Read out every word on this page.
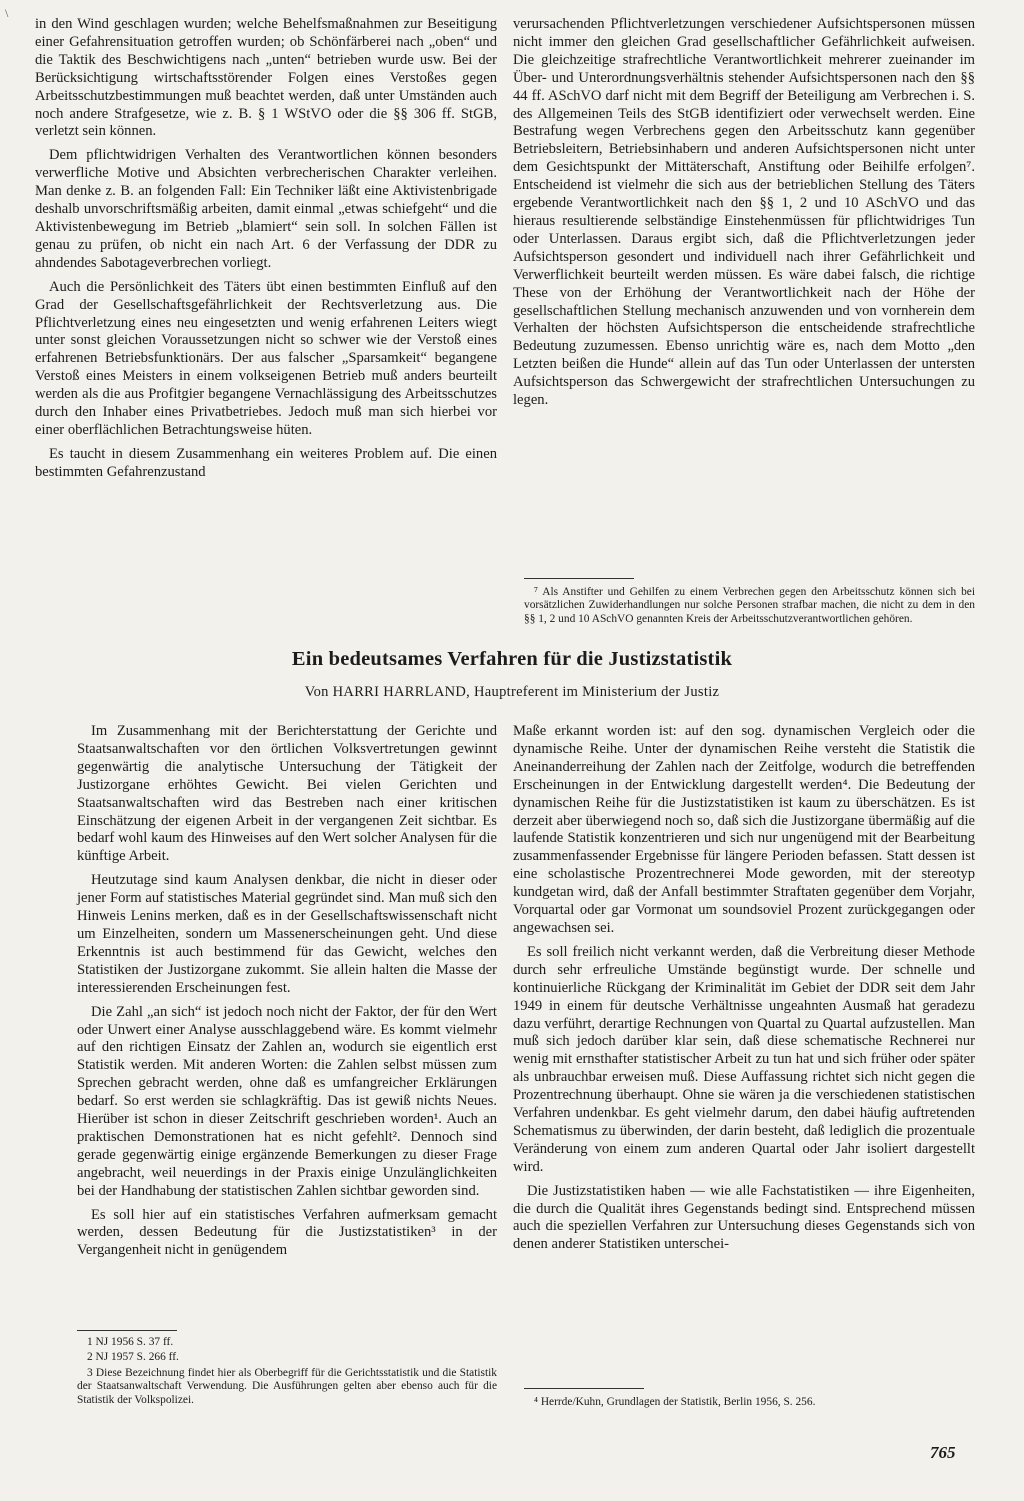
\

in den Wind geschlagen wurden; welche Behelfsmaßnahmen zur Beseitigung einer Gefahrensituation getroffen wurden; ob Schönfärberei nach „oben“ und die Taktik des Beschwichtigens nach „unten“ betrieben wurde usw. Bei der Berücksichtigung wirtschaftsstörender Folgen eines Verstoßes gegen Arbeitsschutzbestimmungen muß beachtet werden, daß unter Umständen auch noch andere Strafgesetze, wie z. B. § 1 WStVO oder die §§ 306 ff. StGB, verletzt sein können.

Dem pflichtwidrigen Verhalten des Verantwortlichen können besonders verwerfliche Motive und Absichten verbrecherischen Charakter verleihen. Man denke z. B. an folgenden Fall: Ein Techniker läßt eine Aktivistenbrigade deshalb unvorschriftsmäßig arbeiten, damit einmal „etwas schiefgeht“ und die Aktivistenbewegung im Betrieb „blamiert“ sein soll. In solchen Fällen ist genau zu prüfen, ob nicht ein nach Art. 6 der Verfassung der DDR zu ahndendes Sabotageverbrechen vorliegt.

Auch die Persönlichkeit des Täters übt einen bestimmten Einfluß auf den Grad der Gesellschaftsgefährlichkeit der Rechtsverletzung aus. Die Pflichtverletzung eines neu eingesetzten und wenig erfahrenen Leiters wiegt unter sonst gleichen Voraussetzungen nicht so schwer wie der Verstoß eines erfahrenen Betriebsfunktionärs. Der aus falscher „Sparsamkeit“ begangene Verstoß eines Meisters in einem volkseigenen Betrieb muß anders beurteilt werden als die aus Profitgier begangene Vernachlässigung des Arbeitsschutzes durch den Inhaber eines Privatbetriebes. Jedoch muß man sich hierbei vor einer oberflächlichen Betrachtungsweise hüten.

Es taucht in diesem Zusammenhang ein weiteres Problem auf. Die einen bestimmten Gefahrenzustand

verursachenden Pflichtverletzungen verschiedener Aufsichtspersonen müssen nicht immer den gleichen Grad gesellschaftlicher Gefährlichkeit aufweisen. Die gleichzeitige strafrechtliche Verantwortlichkeit mehrerer zueinander im Über- und Unterordnungsverhältnis stehender Aufsichtspersonen nach den §§ 44 ff. ASchVO darf nicht mit dem Begriff der Beteiligung am Verbrechen i. S. des Allgemeinen Teils des StGB identifiziert oder verwechselt werden. Eine Bestrafung wegen Verbrechens gegen den Arbeitsschutz kann gegenüber Betriebsleitern, Betriebsinhabern und anderen Aufsichtspersonen nicht unter dem Gesichtspunkt der Mittäterschaft, Anstiftung oder Beihilfe erfolgen⁷. Entscheidend ist vielmehr die sich aus der betrieblichen Stellung des Täters ergebende Verantwortlichkeit nach den §§ 1, 2 und 10 ASchVO und das hieraus resultierende selbständige Einstehenmüssen für pflichtwidriges Tun oder Unterlassen. Daraus ergibt sich, daß die Pflichtverletzungen jeder Aufsichtsperson gesondert und individuell nach ihrer Gefährlichkeit und Verwerflichkeit beurteilt werden müssen. Es wäre dabei falsch, die richtige These von der Erhöhung der Verantwortlichkeit nach der Höhe der gesellschaftlichen Stellung mechanisch anzuwenden und von vornherein dem Verhalten der höchsten Aufsichtsperson die entscheidende strafrechtliche Bedeutung zuzumessen. Ebenso unrichtig wäre es, nach dem Motto „den Letzten beißen die Hunde“ allein auf das Tun oder Unterlassen der untersten Aufsichtsperson das Schwergewicht der strafrechtlichen Untersuchungen zu legen.

⁷ Als Anstifter und Gehilfen zu einem Verbrechen gegen den Arbeitsschutz können sich bei vorsätzlichen Zuwiderhandlungen nur solche Personen strafbar machen, die nicht zu dem in den §§ 1, 2 und 10 ASchVO genannten Kreis der Arbeitsschutzverantwortlichen gehören.

Ein bedeutsames Verfahren für die Justizstatistik
Von HARRI HARRLAND, Hauptreferent im Ministerium der Justiz

Im Zusammenhang mit der Berichterstattung der Gerichte und Staatsanwaltschaften vor den örtlichen Volksvertretungen gewinnt gegenwärtig die analytische Untersuchung der Tätigkeit der Justizorgane erhöhtes Gewicht. Bei vielen Gerichten und Staatsanwaltschaften wird das Bestreben nach einer kritischen Einschätzung der eigenen Arbeit in der vergangenen Zeit sichtbar. Es bedarf wohl kaum des Hinweises auf den Wert solcher Analysen für die künftige Arbeit.

Heutzutage sind kaum Analysen denkbar, die nicht in dieser oder jener Form auf statistisches Material gegründet sind. Man muß sich den Hinweis Lenins merken, daß es in der Gesellschaftswissenschaft nicht um Einzelheiten, sondern um Massenerscheinungen geht. Und diese Erkenntnis ist auch bestimmend für das Gewicht, welches den Statistiken der Justizorgane zukommt. Sie allein halten die Masse der interessierenden Erscheinungen fest.

Die Zahl „an sich“ ist jedoch noch nicht der Faktor, der für den Wert oder Unwert einer Analyse ausschlaggebend wäre. Es kommt vielmehr auf den richtigen Einsatz der Zahlen an, wodurch sie eigentlich erst Statistik werden. Mit anderen Worten: die Zahlen selbst müssen zum Sprechen gebracht werden, ohne daß es umfangreicher Erklärungen bedarf. So erst werden sie schlagkräftig. Das ist gewiß nichts Neues. Hierüber ist schon in dieser Zeitschrift geschrieben worden¹. Auch an praktischen Demonstrationen hat es nicht gefehlt². Dennoch sind gerade gegenwärtig einige ergänzende Bemerkungen zu dieser Frage angebracht, weil neuerdings in der Praxis einige Unzulänglichkeiten bei der Handhabung der statistischen Zahlen sichtbar geworden sind.

Es soll hier auf ein statistisches Verfahren aufmerksam gemacht werden, dessen Bedeutung für die Justizstatistiken³ in der Vergangenheit nicht in genügendem

1 NJ 1956 S. 37 ff.

2 NJ 1957 S. 266 ff.

3 Diese Bezeichnung findet hier als Oberbegriff für die Gerichtsstatistik und die Statistik der Staatsanwaltschaft Verwendung. Die Ausführungen gelten aber ebenso auch für die Statistik der Volkspolizei.

Maße erkannt worden ist: auf den sog. dynamischen Vergleich oder die dynamische Reihe. Unter der dynamischen Reihe versteht die Statistik die Aneinanderreihung der Zahlen nach der Zeitfolge, wodurch die betreffenden Erscheinungen in der Entwicklung dargestellt werden⁴. Die Bedeutung der dynamischen Reihe für die Justizstatistiken ist kaum zu überschätzen. Es ist derzeit aber überwiegend noch so, daß sich die Justizorgane übermäßig auf die laufende Statistik konzentrieren und sich nur ungenügend mit der Bearbeitung zusammenfassender Ergebnisse für längere Perioden befassen. Statt dessen ist eine scholastische Prozentrechnerei Mode geworden, mit der stereotyp kundgetan wird, daß der Anfall bestimmter Straftaten gegenüber dem Vorjahr, Vorquartal oder gar Vormonat um soundsoviel Prozent zurückgegangen oder angewachsen sei.

Es soll freilich nicht verkannt werden, daß die Verbreitung dieser Methode durch sehr erfreuliche Umstände begünstigt wurde. Der schnelle und kontinuierliche Rückgang der Kriminalität im Gebiet der DDR seit dem Jahr 1949 in einem für deutsche Verhältnisse ungeahnten Ausmaß hat geradezu dazu verführt, derartige Rechnungen von Quartal zu Quartal aufzustellen. Man muß sich jedoch darüber klar sein, daß diese schematische Rechnerei nur wenig mit ernsthafter statistischer Arbeit zu tun hat und sich früher oder später als unbrauchbar erweisen muß. Diese Auffassung richtet sich nicht gegen die Prozentrechnung überhaupt. Ohne sie wären ja die verschiedenen statistischen Verfahren undenkbar. Es geht vielmehr darum, den dabei häufig auftretenden Schematismus zu überwinden, der darin besteht, daß lediglich die prozentuale Veränderung von einem zum anderen Quartal oder Jahr isoliert dargestellt wird.

Die Justizstatistiken haben — wie alle Fachstatistiken — ihre Eigenheiten, die durch die Qualität ihres Gegenstands bedingt sind. Entsprechend müssen auch die speziellen Verfahren zur Untersuchung dieses Gegenstands sich von denen anderer Statistiken unterschei-

⁴ Herrde/Kuhn, Grundlagen der Statistik, Berlin 1956, S. 256.

765
